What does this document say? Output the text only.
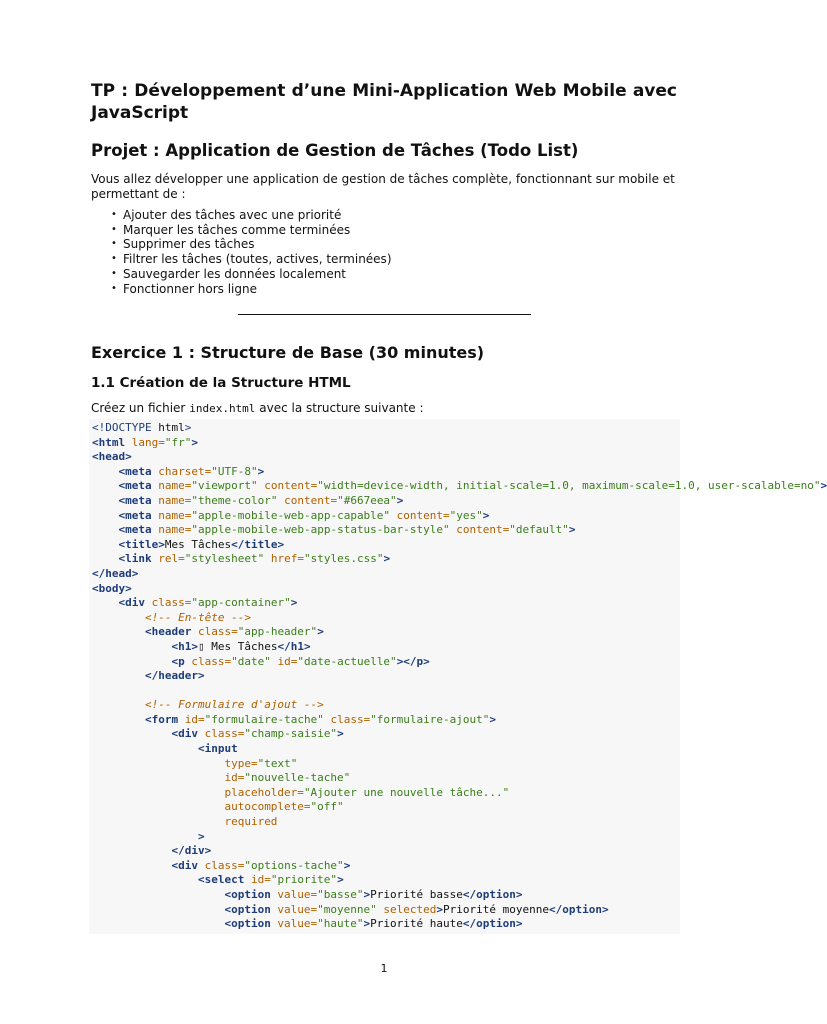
TP : Développement d’une Mini-Application Web Mobile avec JavaScript
Projet : Application de Gestion de Tâches (Todo List)

Vous allez développer une application de gestion de tâches complète, fonctionnant sur mobile et permettant de :

• Ajouter des tâches avec une priorité
• Marquer les tâches comme terminées
• Supprimer des tâches
• Filtrer les tâches (toutes, actives, terminées)
• Sauvegarder les données localement
• Fonctionner hors ligne
Exercice 1 : Structure de Base (30 minutes)
1.1 Création de la Structure HTML

Créez un fichier index.html avec la structure suivante :

<!DOCTYPE html>
<html lang="fr">
<head>
<meta charset="UTF-8">
<meta name="viewport" content="width=device-width, initial-scale=1.0, maximum-scale=1.0, user-scalable=no">
<meta name="theme-color" content="#667eea">
<meta name="apple-mobile-web-app-capable" content="yes">
<meta name="apple-mobile-web-app-status-bar-style" content="default">
<title>Mes Tâches</title>
<link rel="stylesheet" href="styles.css">
</head>
<body>
<div class="app-container">
<!-- En-tête -->
<header class="app-header">
<h1>▯ Mes Tâches</h1>
<p class="date" id="date-actuelle"></p>
</header>

<!-- Formulaire d'ajout -->
<form id="formulaire-tache" class="formulaire-ajout">
<div class="champ-saisie">
<input
type="text"
id="nouvelle-tache"
placeholder="Ajouter une nouvelle tâche..."
autocomplete="off"
required
>
</div>
<div class="options-tache">
<select id="priorite">
<option value="basse">Priorité basse</option>
<option value="moyenne" selected>Priorité moyenne</option>
<option value="haute">Priorité haute</option>
1
